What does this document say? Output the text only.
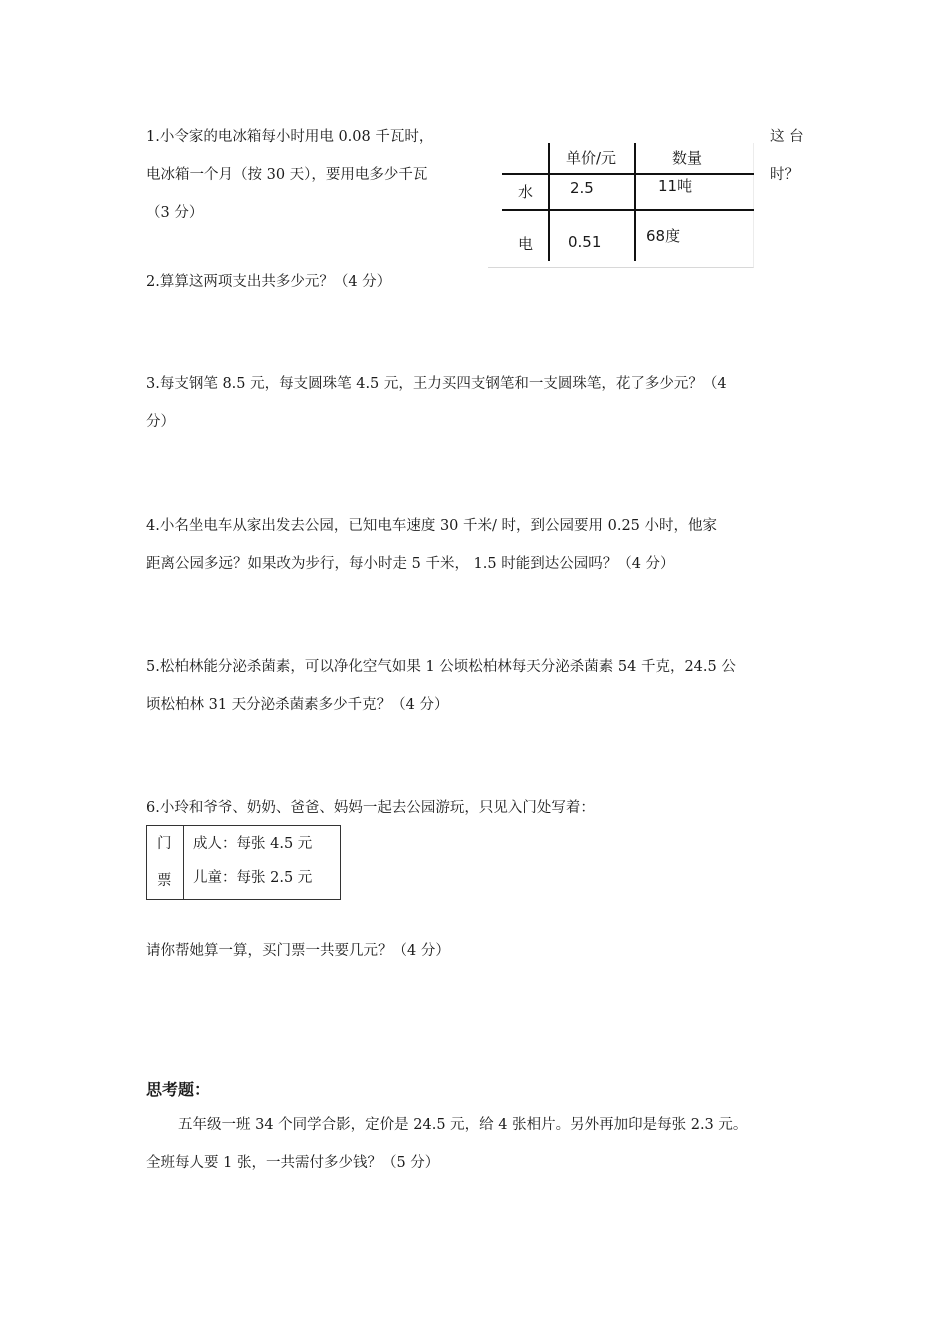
1.小令家的电冰箱每小时用电 0.08 千瓦时，	这 台
电冰箱一个月（按 30 天），要用电多少千瓦	时？
（3 分）
单价/元	数量
水 2.5	11吨
电 0.51	68度
2.算算这两项支出共多少元？（4 分）
3.每支钢笔 8.5 元，每支圆珠笔 4.5 元，王力买四支钢笔和一支圆珠笔，花了多少元？（4
分）
4.小名坐电车从家出发去公园，已知电车速度 30 千米/ 时，到公园要用 0.25 小时，他家
距离公园多远？如果改为步行，每小时走 5 千米， 1.5 时能到达公园吗？（4 分）
5.松柏林能分泌杀菌素，可以净化空气如果 1 公顷松柏林每天分泌杀菌素 54 千克，24.5 公
顷松柏林 31 天分泌杀菌素多少千克？（4 分）
6.小玲和爷爷、奶奶、爸爸、妈妈一起去公园游玩，只见入门处写着：
门
票
成人：每张 4.5 元
儿童：每张 2.5 元
请你帮她算一算，买门票一共要几元？（4 分）
思考题：
五年级一班 34 个同学合影，定价是 24.5 元，给 4 张相片。另外再加印是每张 2.3 元。
全班每人要 1 张，一共需付多少钱？（5 分）
